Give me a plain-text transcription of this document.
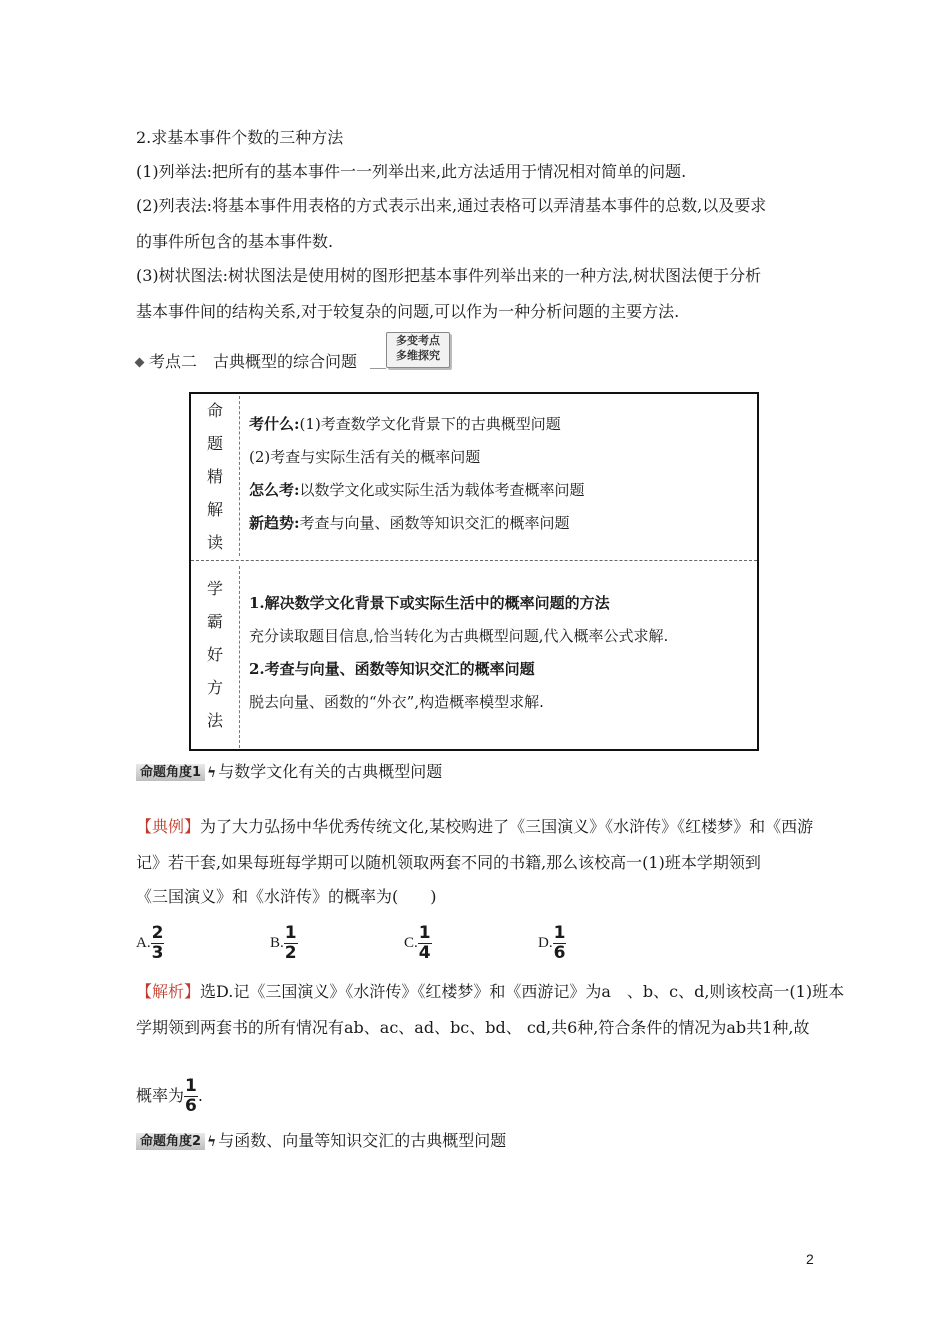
2.求基本事件个数的三种方法
(1)列举法:把所有的基本事件一一列举出来,此方法适用于情况相对简单的问题.
(2)列表法:将基本事件用表格的方式表示出来,通过表格可以弄清基本事件的总数,以及要求
的事件所包含的基本事件数.
(3)树状图法:树状图法是使用树的图形把基本事件列举出来的一种方法,树状图法便于分析
基本事件间的结构关系,对于较复杂的问题,可以作为一种分析问题的主要方法.
考点二　古典概型的综合问题
多变考点
多维探究
命
题
精
解
读
学
霸
好
方
法
考什么:(1)考查数学文化背景下的古典概型问题
(2)考查与实际生活有关的概率问题
怎么考:以数学文化或实际生活为载体考查概率问题
新趋势:考查与向量、函数等知识交汇的概率问题
1.解决数学文化背景下或实际生活中的概率问题的方法
充分读取题目信息,恰当转化为古典概型问题,代入概率公式求解.
2.考查与向量、函数等知识交汇的概率问题
脱去向量、函数的“外衣”,构造概率模型求解.
命题角度1 ϟ 与数学文化有关的古典概型问题
【典例】为了大力弘扬中华优秀传统文化,某校购进了《三国演义》《水浒传》《红楼梦》和《西游
记》若干套,如果每班每学期可以随机领取两套不同的书籍,那么该校高一(1)班本学期领到
《三国演义》和《水浒传》的概率为(　　)
A. $\frac{2}{3}$	B. $\frac{1}{2}$	C. $\frac{1}{4}$	D. $\frac{1}{6}$
【解析】选D.记《三国演义》《水浒传》《红楼梦》和《西游记》为a　、b、c、d,则该校高一(1)班本
学期领到两套书的所有情况有ab、ac、ad、bc、bd、 cd,共6种,符合条件的情况为ab共1种,故
概率为 $\frac{1}{6}$ .
命题角度2 ϟ 与函数、向量等知识交汇的古典概型问题
2
